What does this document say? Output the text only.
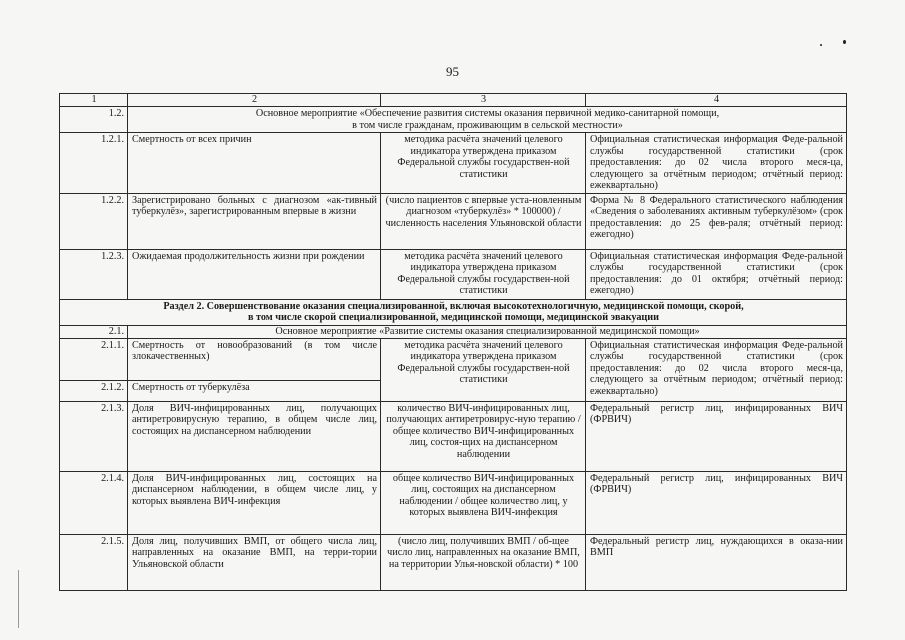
95
1	2	3	4
1.2.	Основное мероприятие «Обеспечение развития системы оказания первичной медико-санитарной помощи,
в том числе гражданам, проживающим в сельской местности»		

1.2.1.	Смертность от всех причин	методика расчёта значений целевого индикатора утверждена приказом Федеральной службы государствен-ной статистики	Официальная статистическая информация Феде-ральной службы государственной статистики (срок предоставления: до 02 числа второго меся-ца, следующего за отчётным периодом; отчётный период: ежеквартально)
1.2.2.	Зарегистрировано больных с диагнозом «ак-тивный туберкулёз», зарегистрированным впервые в жизни	(число пациентов с впервые уста-новленным диагнозом «туберкулёз» * 100000) / численность населения Ульяновской области	Форма № 8 Федерального статистического наблюдения «Сведения о заболеваниях активным туберкулёзом» (срок предоставления: до 25 фев-раля; отчётный период: ежегодно)
1.2.3.	Ожидаемая продолжительность жизни при рождении	методика расчёта значений целевого индикатора утверждена приказом Федеральной службы государствен-ной статистики	Официальная статистическая информация Феде-ральной службы государственной статистики (срок предоставления: до 01 октября; отчётный период: ежегодно)

Раздел 2. Совершенствование оказания специализированной, включая высокотехнологичную, медицинской помощи, скорой,
в том числе скорой специализированной, медицинской помощи, медицинской эвакуации			

2.1.	Основное мероприятие «Развитие системы оказания специализированной медицинской помощи»		
2.1.1.	Смертность от новообразований (в том числе злокачественных)	методика расчёта значений целевого индикатора утверждена приказом Федеральной службы государствен-ной статистики	Официальная статистическая информация Феде-ральной службы государственной статистики (срок предоставления: до 02 числа второго меся-ца, следующего за отчётным периодом; отчётный период: ежеквартально)
2.1.2.	Смертность от туберкулёза		
2.1.3.	Доля ВИЧ-инфицированных лиц, получающих антиретровирусную терапию, в общем числе лиц, состоящих на диспансерном наблюдении	количество ВИЧ-инфицированных лиц, получающих антиретровирус-ную терапию / общее количество ВИЧ-инфицированных лиц, состоя-щих на диспансерном наблюдении	Федеральный регистр лиц, инфицированных ВИЧ (ФРВИЧ)
2.1.4.	Доля ВИЧ-инфицированных лиц, состоящих на диспансерном наблюдении, в общем числе лиц, у которых выявлена ВИЧ-инфекция	общее количество ВИЧ-инфицированных лиц, состоящих на диспансерном наблюдении / общее количество лиц, у которых выявлена ВИЧ-инфекция	Федеральный регистр лиц, инфицированных ВИЧ (ФРВИЧ)
2.1.5.	Доля лиц, получивших ВМП, от общего числа лиц, направленных на оказание ВМП, на терри-тории Ульяновской области	(число лиц, получивших ВМП / об-щее число лиц, направленных на оказание ВМП, на территории Улья-новской области) * 100	Федеральный регистр лиц, нуждающихся в оказа-нии ВМП
